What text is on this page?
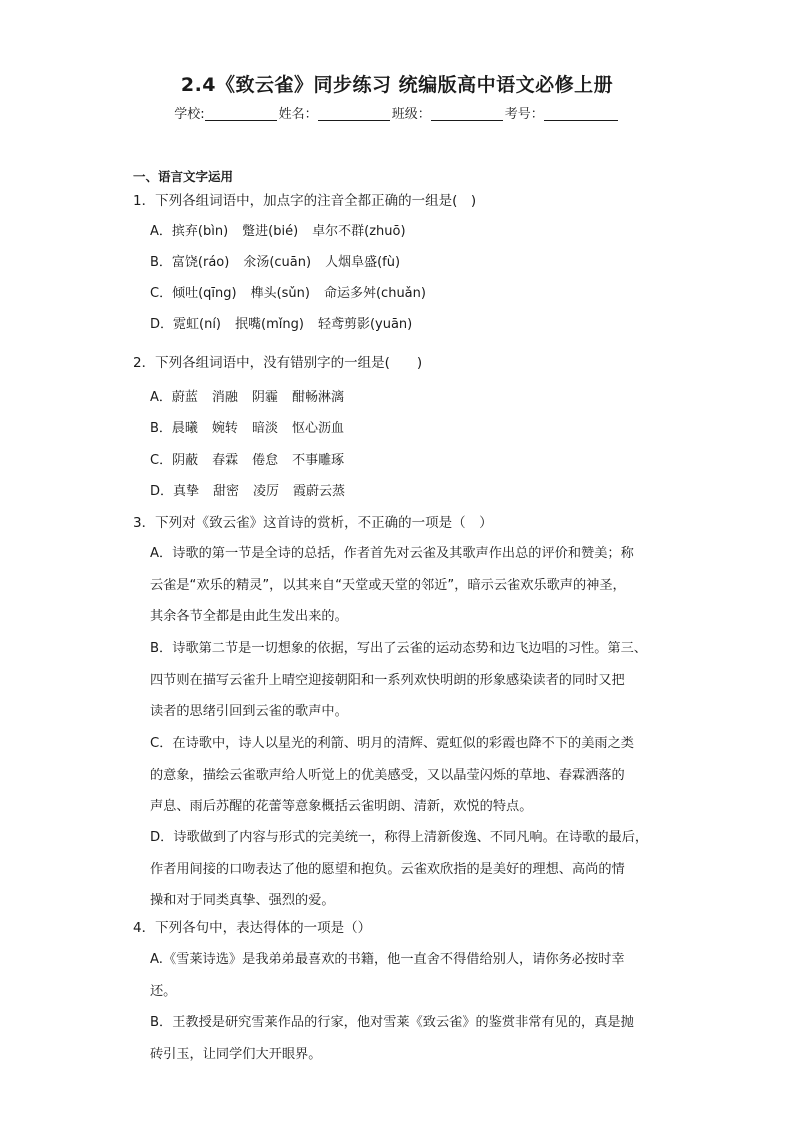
2.4《致云雀》同步练习 统编版高中语文必修上册
学校:	姓名：	班级：	考号：
一、语言文字运用
1．下列各组词语中，加点字的注音全都正确的一组是(　)
A．摈弃(bìn) 蹩进(bié) 卓尔不群(zhuō)
B．富饶(ráo) 氽汤(cuān) 人烟阜盛(fù)
C．倾吐(qīng) 榫头(sǔn) 命运多舛(chuǎn)
D．霓虹(ní) 抿嘴(mǐng) 轻鸢剪影(yuān)
2．下列各组词语中，没有错别字的一组是(　　)
A．蔚蓝 消融 阴霾 酣畅淋漓
B．晨曦 婉转 暗淡 怄心沥血
C．阴蔽 春霖 倦怠 不事雕琢
D．真挚 甜密 凌厉 霞蔚云蒸
3．下列对《致云雀》这首诗的赏析，不正确的一项是（　）
A．诗歌的第一节是全诗的总括，作者首先对云雀及其歌声作出总的评价和赞美；称
云雀是“欢乐的精灵”，以其来自“天堂或天堂的邻近”，暗示云雀欢乐歌声的神圣，
其余各节全都是由此生发出来的。
B．诗歌第二节是一切想象的依据，写出了云雀的运动态势和边飞边唱的习性。第三、
四节则在描写云雀升上晴空迎接朝阳和一系列欢快明朗的形象感染读者的同时又把
读者的思绪引回到云雀的歌声中。
C．在诗歌中，诗人以星光的利箭、明月的清辉、霓虹似的彩霞也降不下的美雨之类
的意象，描绘云雀歌声给人听觉上的优美感受，又以晶莹闪烁的草地、春霖洒落的
声息、雨后苏醒的花蕾等意象概括云雀明朗、清新，欢悦的特点。
D．诗歌做到了内容与形式的完美统一，称得上清新俊逸、不同凡响。在诗歌的最后，
作者用间接的口吻表达了他的愿望和抱负。云雀欢欣指的是美好的理想、高尚的情
操和对于同类真挚、强烈的爱。
4．下列各句中，表达得体的一项是（）
A.《雪莱诗选》是我弟弟最喜欢的书籍，他一直舍不得借给别人，请你务必按时幸
还。
B．王教授是研究雪莱作品的行家，他对雪莱《致云雀》的鉴赏非常有见的，真是抛
砖引玉，让同学们大开眼界。
